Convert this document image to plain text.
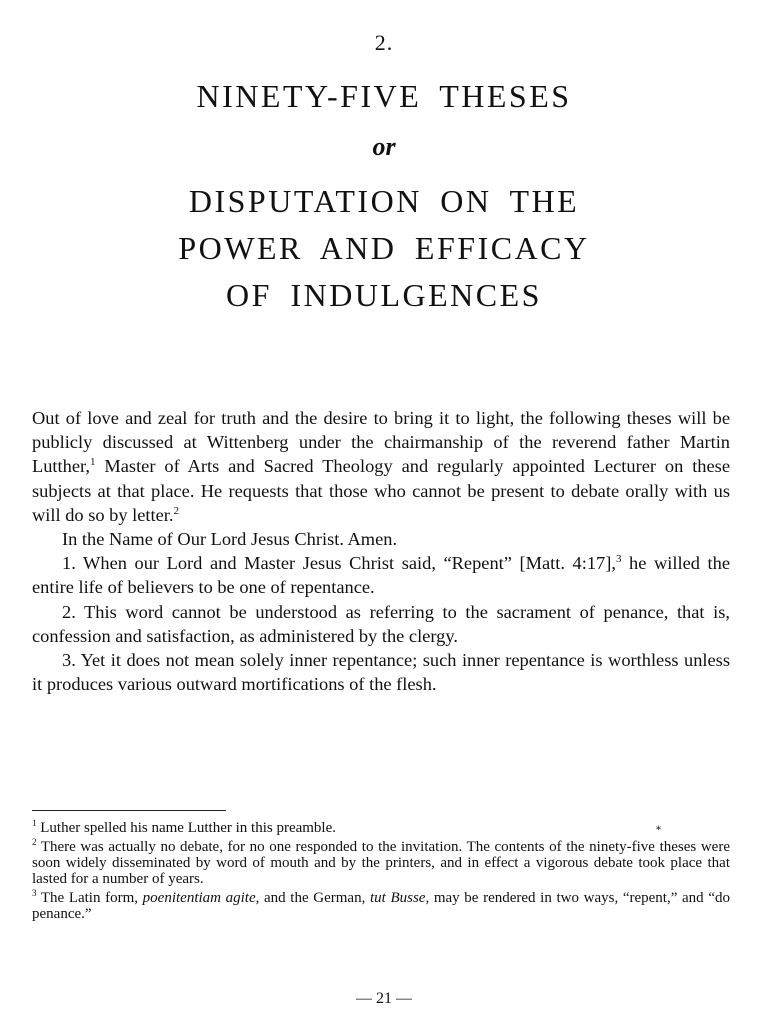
2.
NINETY-FIVE THESES
or
DISPUTATION ON THE
POWER AND EFFICACY
OF INDULGENCES

Out of love and zeal for truth and the desire to bring it to light, the following theses will be publicly discussed at Wittenberg under the chairmanship of the reverend father Martin Lutther,$^1$ Master of Arts and Sacred Theology and regularly appointed Lecturer on these subjects at that place. He requests that those who cannot be present to debate orally with us will do so by letter.$^2$

In the Name of Our Lord Jesus Christ. Amen.

1. When our Lord and Master Jesus Christ said, “Repent” [Matt. 4:17],$^3$ he willed the entire life of believers to be one of repentance.

2. This word cannot be understood as referring to the sacrament of penance, that is, confession and satisfaction, as administered by the clergy.

3. Yet it does not mean solely inner repentance; such inner repentance is worthless unless it produces various outward mortifications of the flesh.

*

$^1$ Luther spelled his name Lutther in this preamble.

$^2$ There was actually no debate, for no one responded to the invitation. The contents of the ninety-five theses were soon widely disseminated by word of mouth and by the printers, and in effect a vigorous debate took place that lasted for a number of years.

$^3$ The Latin form, poenitentiam agite, and the German, tut Busse, may be rendered in two ways, “repent,” and “do penance.”

— 21 —
